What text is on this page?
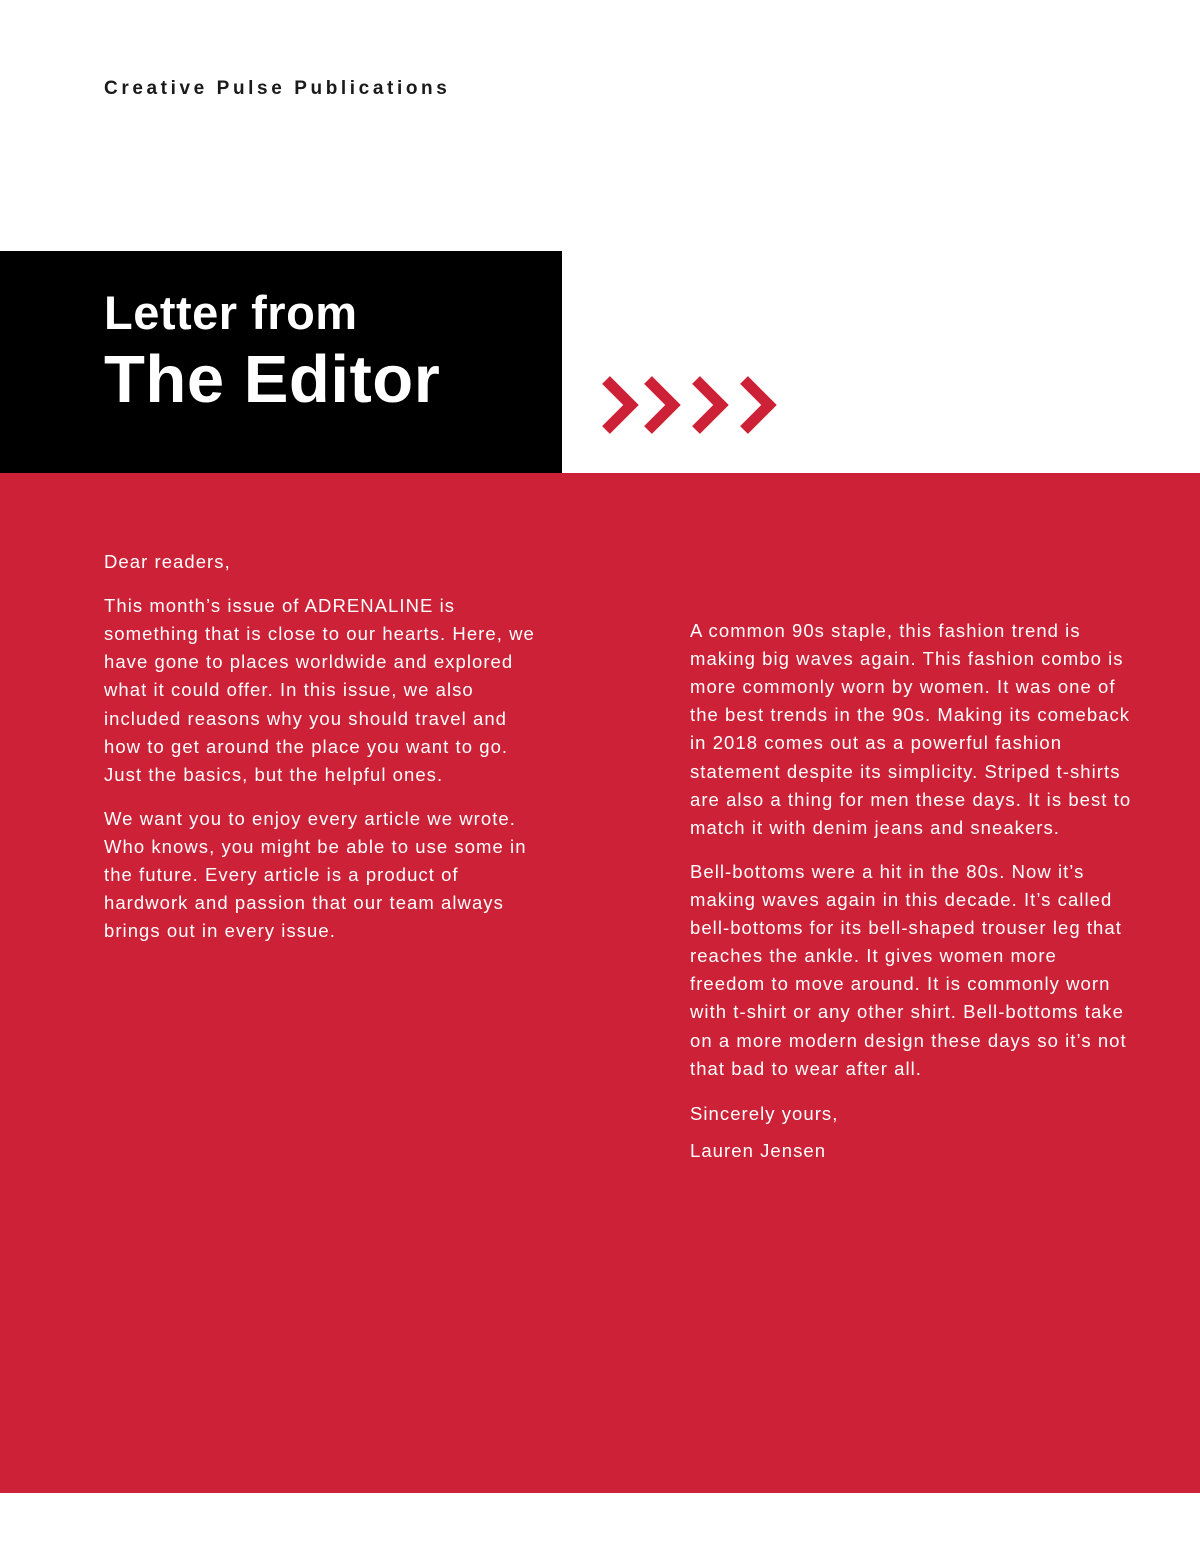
Creative Pulse Publications
Letter from
The Editor

Dear readers,

This month’s issue of ADRENALINE is something that is close to our hearts. Here, we have gone to places worldwide and explored what it could offer. In this issue, we also included reasons why you should travel and how to get around the place you want to go. Just the basics, but the helpful ones.

We want you to enjoy every article we wrote. Who knows, you might be able to use some in the future. Every article is a product of hardwork and passion that our team always brings out in every issue.

A common 90s staple, this fashion trend is making big waves again. This fashion combo is more commonly worn by women. It was one of the best trends in the 90s. Making its comeback in 2018 comes out as a powerful fashion statement despite its simplicity. Striped t-shirts are also a thing for men these days. It is best to match it with denim jeans and sneakers.

Bell-bottoms were a hit in the 80s. Now it’s making waves again in this decade. It’s called bell-bottoms for its bell-shaped trouser leg that reaches the ankle. It gives women more freedom to move around. It is commonly worn with t-shirt or any other shirt. Bell-bottoms take on a more modern design these days so it’s not that bad to wear after all.

Sincerely yours,

Lauren Jensen
